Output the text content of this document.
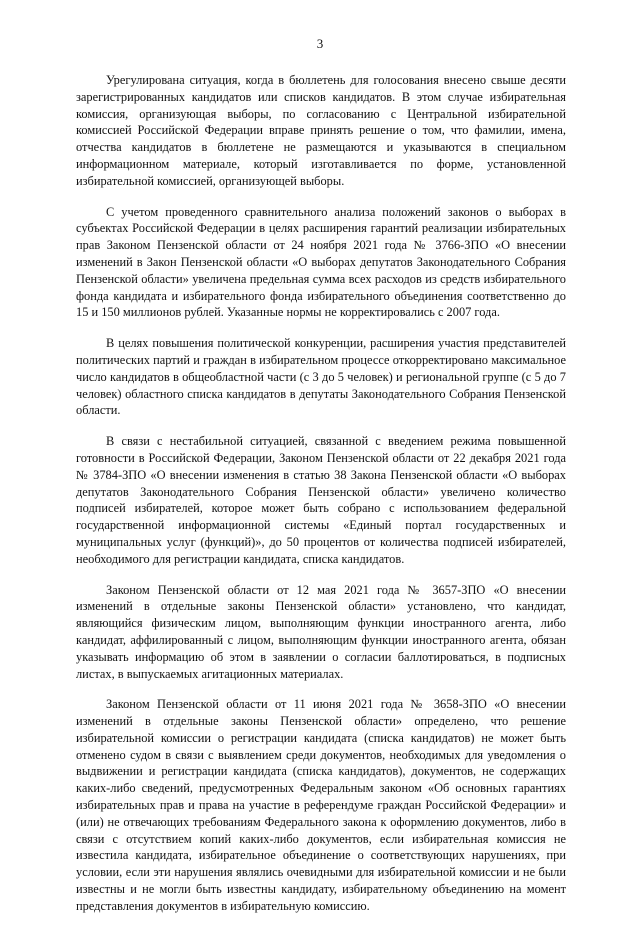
3

Урегулирована ситуация, когда в бюллетень для голосования внесено свыше десяти зарегистрированных кандидатов или списков кандидатов. В этом случае избирательная комиссия, организующая выборы, по согласованию с Центральной избирательной комиссией Российской Федерации вправе принять решение о том, что фамилии, имена, отчества кандидатов в бюллетене не размещаются и указываются в специальном информационном материале, который изготавливается по форме, установленной избирательной комиссией, организующей выборы.

С учетом проведенного сравнительного анализа положений законов о выборах в субъектах Российской Федерации в целях расширения гарантий реализации избирательных прав Законом Пензенской области от 24 ноября 2021 года № 3766-ЗПО «О внесении изменений в Закон Пензенской области «О выборах депутатов Законодательного Собрания Пензенской области» увеличена предельная сумма всех расходов из средств избирательного фонда кандидата и избирательного фонда избирательного объединения соответственно до 15 и 150 миллионов рублей. Указанные нормы не корректировались с 2007 года.

В целях повышения политической конкуренции, расширения участия представителей политических партий и граждан в избирательном процессе откорректировано максимальное число кандидатов в общеобластной части (с 3 до 5 человек) и региональной группе (с 5 до 7 человек) областного списка кандидатов в депутаты Законодательного Собрания Пензенской области.

В связи с нестабильной ситуацией, связанной с введением режима повышенной готовности в Российской Федерации, Законом Пензенской области от 22 декабря 2021 года № 3784-ЗПО «О внесении изменения в статью 38 Закона Пензенской области «О выборах депутатов Законодательного Собрания Пензенской области» увеличено количество подписей избирателей, которое может быть собрано с использованием федеральной государственной информационной системы «Единый портал государственных и муниципальных услуг (функций)», до 50 процентов от количества подписей избирателей, необходимого для регистрации кандидата, списка кандидатов.

Законом Пензенской области от 12 мая 2021 года № 3657-ЗПО «О внесении изменений в отдельные законы Пензенской области» установлено, что кандидат, являющийся физическим лицом, выполняющим функции иностранного агента, либо кандидат, аффилированный с лицом, выполняющим функции иностранного агента, обязан указывать информацию об этом в заявлении о согласии баллотироваться, в подписных листах, в выпускаемых агитационных материалах.

Законом Пензенской области от 11 июня 2021 года № 3658-ЗПО «О внесении изменений в отдельные законы Пензенской области» определено, что решение избирательной комиссии о регистрации кандидата (списка кандидатов) не может быть отменено судом в связи с выявлением среди документов, необходимых для уведомления о выдвижении и регистрации кандидата (списка кандидатов), документов, не содержащих каких-либо сведений, предусмотренных Федеральным законом «Об основных гарантиях избирательных прав и права на участие в референдуме граждан Российской Федерации» и (или) не отвечающих требованиям Федерального закона к оформлению документов, либо в связи с отсутствием копий каких-либо документов, если избирательная комиссия не известила кандидата, избирательное объединение о соответствующих нарушениях, при условии, если эти нарушения являлись очевидными для избирательной комиссии и не были известны и не могли быть известны кандидату, избирательному объединению на момент представления документов в избирательную комиссию.
